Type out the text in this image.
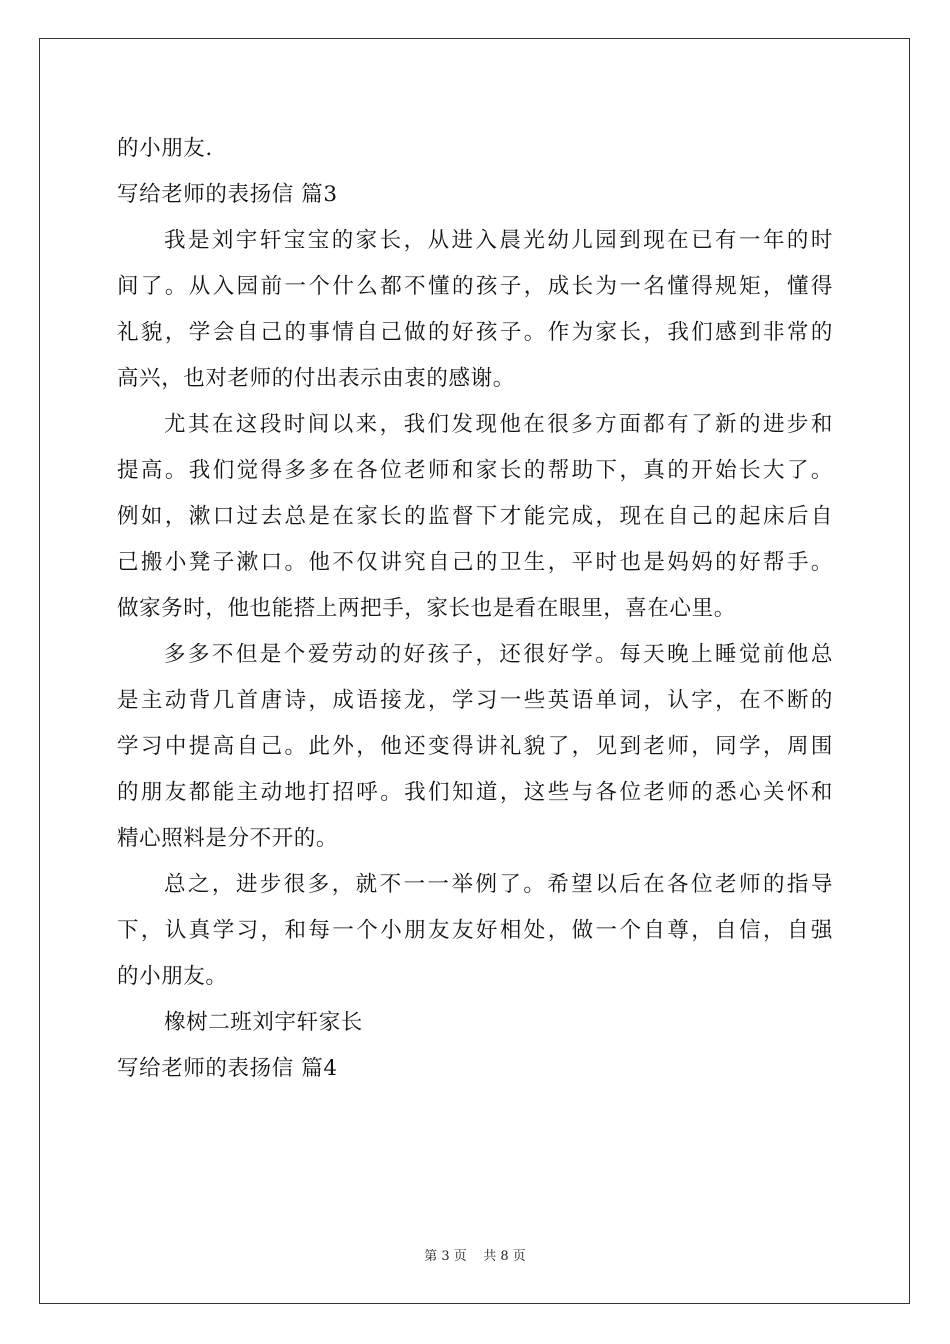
的小朋友.
写给老师的表扬信 篇3
我是刘宇轩宝宝的家长，从进入晨光幼儿园到现在已有一年的时
间了。从入园前一个什么都不懂的孩子，成长为一名懂得规矩，懂得
礼貌，学会自己的事情自己做的好孩子。作为家长，我们感到非常的
高兴，也对老师的付出表示由衷的感谢。
尤其在这段时间以来，我们发现他在很多方面都有了新的进步和
提高。我们觉得多多在各位老师和家长的帮助下，真的开始长大了。
例如，漱口过去总是在家长的监督下才能完成，现在自己的起床后自
己搬小凳子漱口。他不仅讲究自己的卫生，平时也是妈妈的好帮手。
做家务时，他也能搭上两把手，家长也是看在眼里，喜在心里。
多多不但是个爱劳动的好孩子，还很好学。每天晚上睡觉前他总
是主动背几首唐诗，成语接龙，学习一些英语单词，认字，在不断的
学习中提高自己。此外，他还变得讲礼貌了，见到老师，同学，周围
的朋友都能主动地打招呼。我们知道，这些与各位老师的悉心关怀和
精心照料是分不开的。
总之，进步很多，就不一一举例了。希望以后在各位老师的指导
下，认真学习，和每一个小朋友友好相处，做一个自尊，自信，自强
的小朋友。
橡树二班刘宇轩家长
写给老师的表扬信 篇4
第 3 页 共 8 页
